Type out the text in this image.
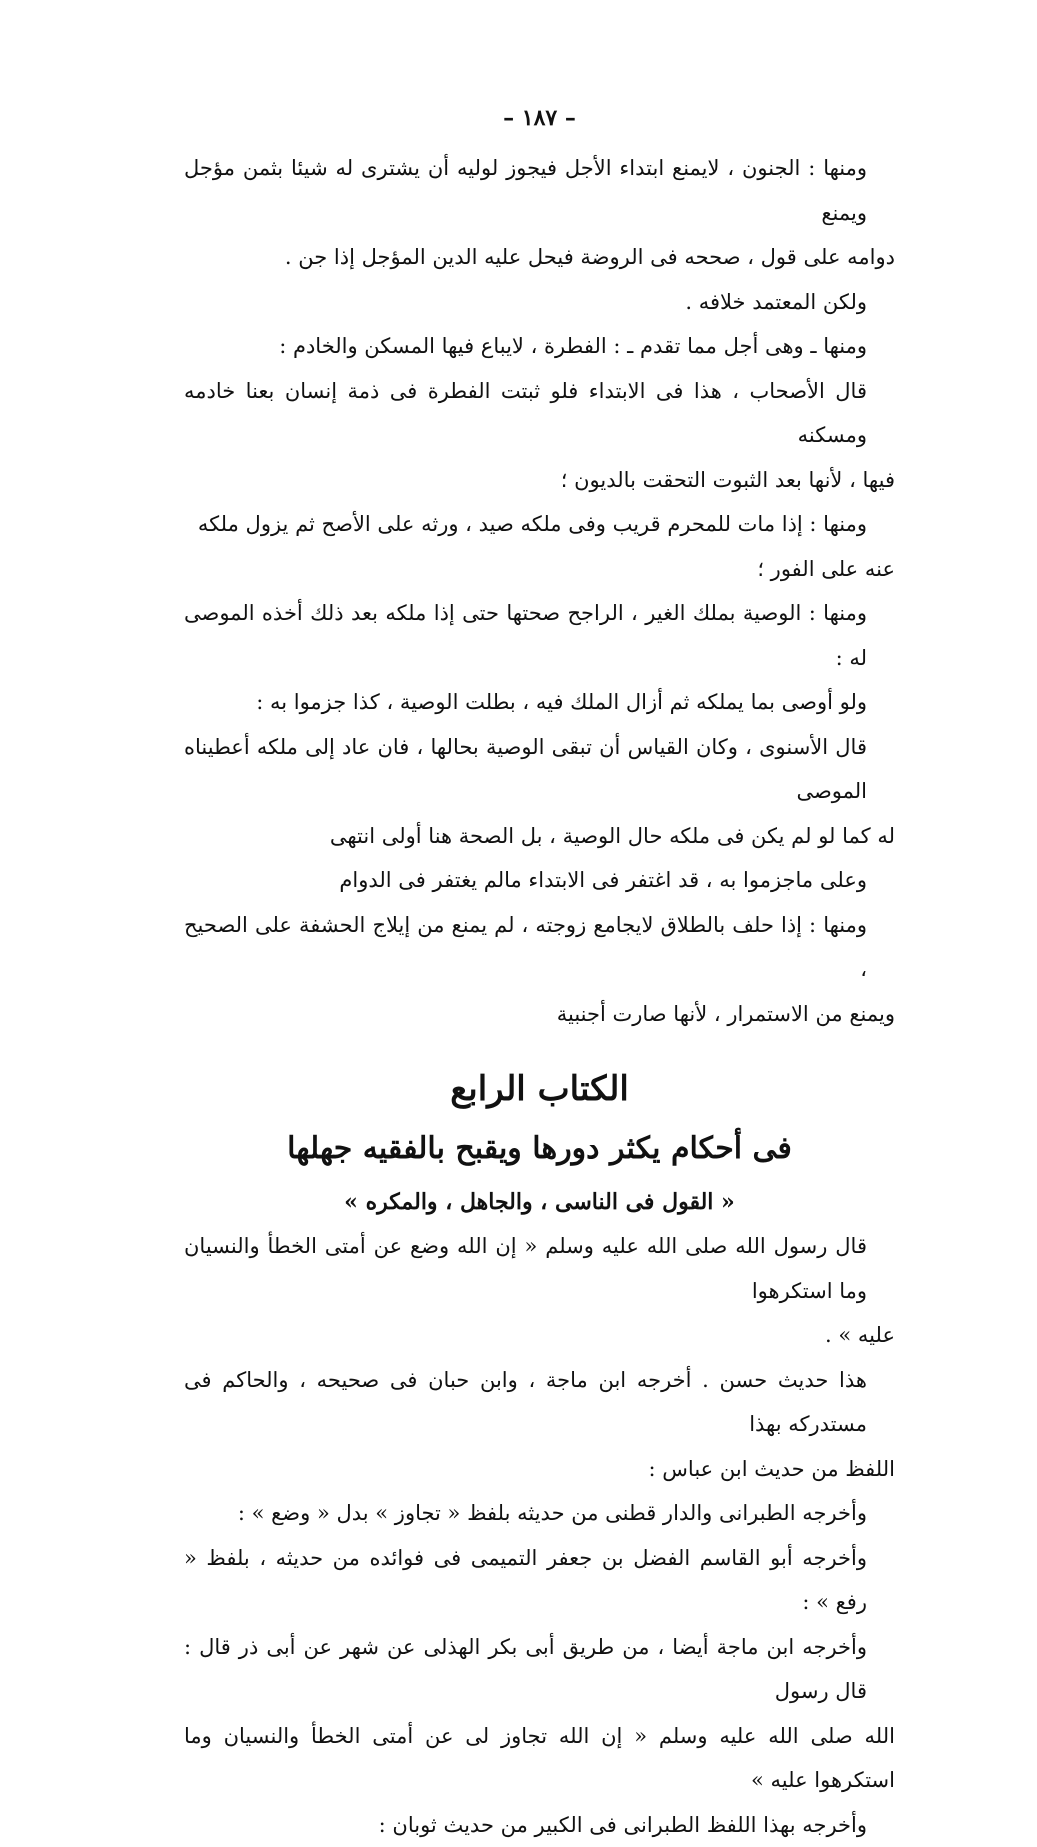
– ١٨٧ –

ومنها : الجنون ، لايمنع ابتداء الأجل فيجوز لوليه أن يشترى له شيئا بثمن مؤجل ويمنع
دوامه على قول ، صححه فى الروضة فيحل عليه الدين المؤجل إذا جن .

ولكن المعتمد خلافه .

ومنها ـ وهى أجل مما تقدم ـ : الفطرة ، لايباع فيها المسكن والخادم :

قال الأصحاب ، هذا فى الابتداء فلو ثبتت الفطرة فى ذمة إنسان بعنا خادمه ومسكنه
فيها ، لأنها بعد الثبوت التحقت بالديون ؛

ومنها : إذا مات للمحرم قريب وفى ملكه صيد ، ورثه على الأصح ثم يزول ملكه
عنه على الفور ؛

ومنها : الوصية بملك الغير ، الراجح صحتها حتى إذا ملكه بعد ذلك أخذه الموصى له :

ولو أوصى بما يملكه ثم أزال الملك فيه ، بطلت الوصية ، كذا جزموا به :

قال الأسنوى ، وكان القياس أن تبقى الوصية بحالها ، فان عاد إلى ملكه أعطيناه الموصى
له كما لو لم يكن فى ملكه حال الوصية ، بل الصحة هنا أولى انتهى

وعلى ماجزموا به ، قد اغتفر فى الابتداء مالم يغتفر فى الدوام

ومنها : إذا حلف بالطلاق لايجامع زوجته ، لم يمنع من إيلاج الحشفة على الصحيح ،
ويمنع من الاستمرار ، لأنها صارت أجنبية

الكتاب الرابع
فى أحكام يكثر دورها ويقبح بالفقيه جهلها
« القول فى الناسى ، والجاهل ، والمكره »

قال رسول الله صلى الله عليه وسلم « إن الله وضع عن أمتى الخطأ والنسيان وما استكرهوا
عليه » .

هذا حديث حسن . أخرجه ابن ماجة ، وابن حبان فى صحيحه ، والحاكم فى مستدركه بهذا
اللفظ من حديث ابن عباس :

وأخرجه الطبرانى والدار قطنى من حديثه بلفظ « تجاوز » بدل « وضع » :

وأخرجه أبو القاسم الفضل بن جعفر التميمى فى فوائده من حديثه ، بلفظ « رفع » :

وأخرجه ابن ماجة أيضا ، من طريق أبى بكر الهذلى عن شهر عن أبى ذر قال : قال رسول
الله صلى الله عليه وسلم « إن الله تجاوز لى عن أمتى الخطأ والنسيان وما استكرهوا عليه »

وأخرجه بهذا اللفظ الطبرانى فى الكبير من حديث ثوبان :
